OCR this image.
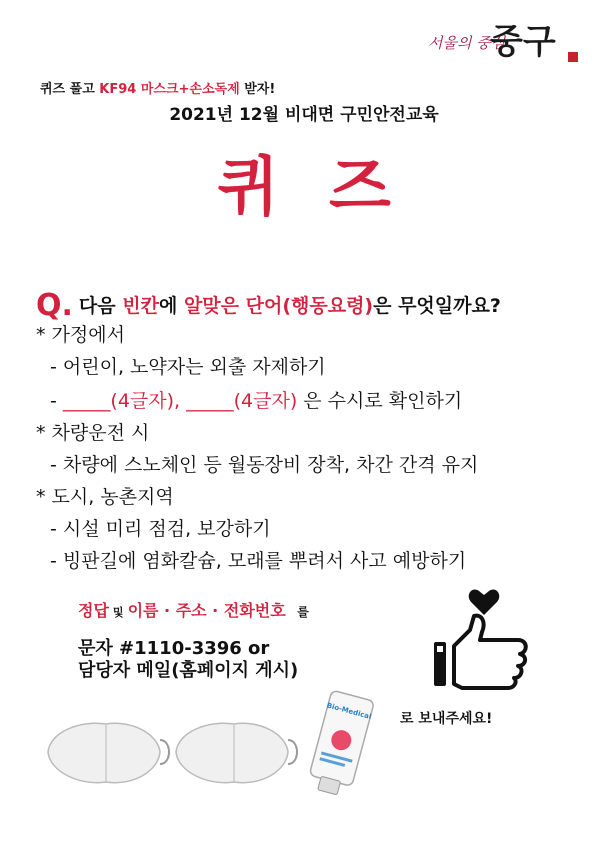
서울의 중심
중구
퀴즈 풀고 KF94 마스크+손소독제 받자!
2021년 12월 비대면 구민안전교육
퀴즈
Q. 다음 빈칸에 알맞은 단어(행동요령)은 무엇일까요?
* 가정에서
- 어린이, 노약자는 외출 자제하기
- _____(4글자), _____(4글자) 은 수시로 확인하기
* 차량운전 시
- 차량에 스노체인 등 월동장비 장착, 차간 간격 유지
* 도시, 농촌지역
- 시설 미리 점검, 보강하기
- 빙판길에 염화칼슘, 모래를 뿌려서 사고 예방하기
정답 및 이름 · 주소 · 전화번호 를
문자 #1110-3396 or
담당자 메일(홈페이지 게시)
로 보내주세요!
Bio-Medical
